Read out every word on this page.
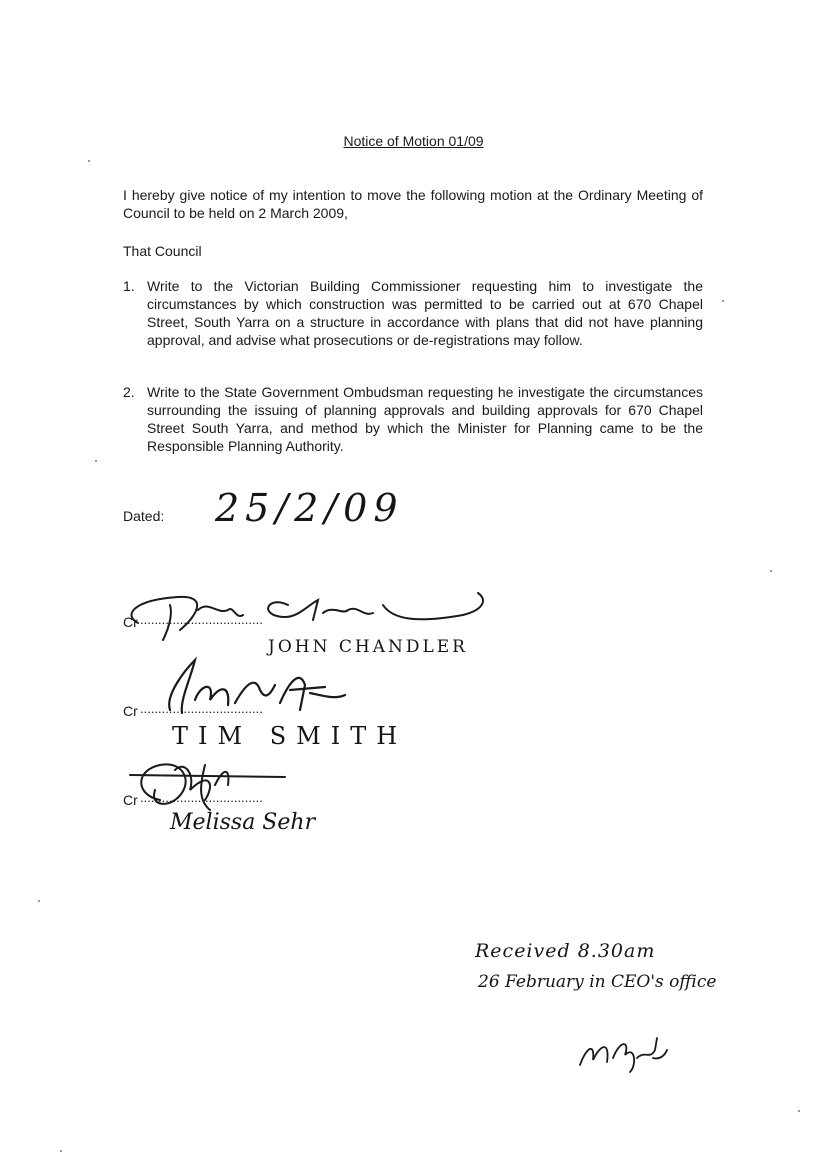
Notice of Motion 01/09
I hereby give notice of my intention to move the following motion at the Ordinary Meeting of Council to be held on 2 March 2009,
That Council
1. Write to the Victorian Building Commissioner requesting him to investigate the circumstances by which construction was permitted to be carried out at 670 Chapel Street, South Yarra on a structure in accordance with plans that did not have planning approval, and advise what prosecutions or de-registrations may follow.
2. Write to the State Government Ombudsman requesting he investigate the circumstances surrounding the issuing of planning approvals and building approvals for 670 Chapel Street South Yarra, and method by which the Minister for Planning came to be the Responsible Planning Authority.
Dated: 25/2/09
Cr ..................................
JOHN CHANDLER
Cr ..................................
TIM SMITH
Cr ..................................
Melissa Sehr
Received 8.30am
26 February in CEO's office
